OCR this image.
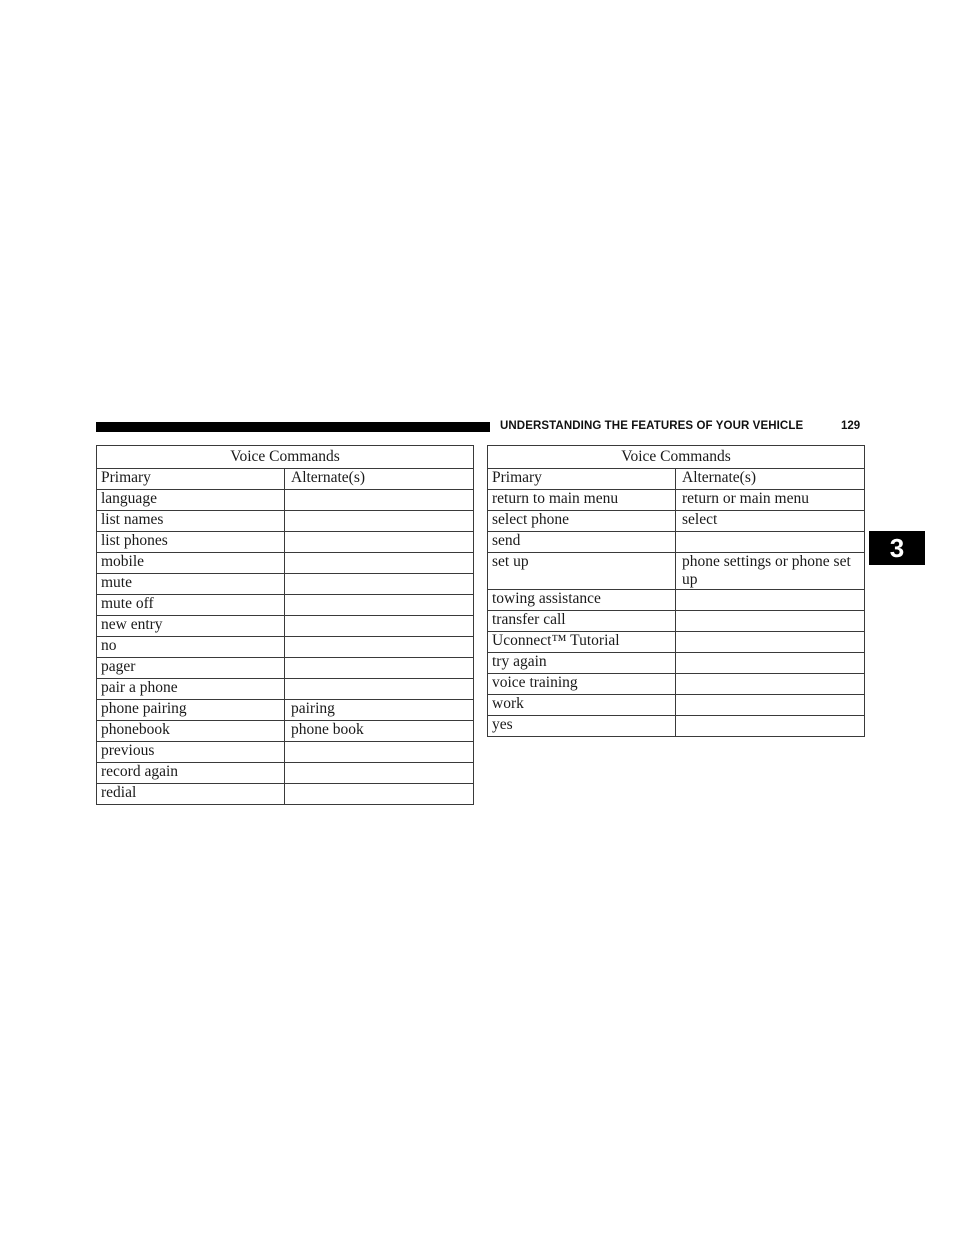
UNDERSTANDING THE FEATURES OF YOUR VEHICLE	129
3
Voice Commands	
Primary	Alternate(s)
language	
list names	
list phones	
mobile	
mute	
mute off	
new entry	
no	
pager	
pair a phone	
phone pairing	pairing
phonebook	phone book
previous	
record again	
redial	
Voice Commands	
Primary	Alternate(s)
return to main menu	return or main menu
select phone	select
send	
set up	phone settings or phone set up
towing assistance	
transfer call	
Uconnect™ Tutorial	
try again	
voice training	
work	
yes	
